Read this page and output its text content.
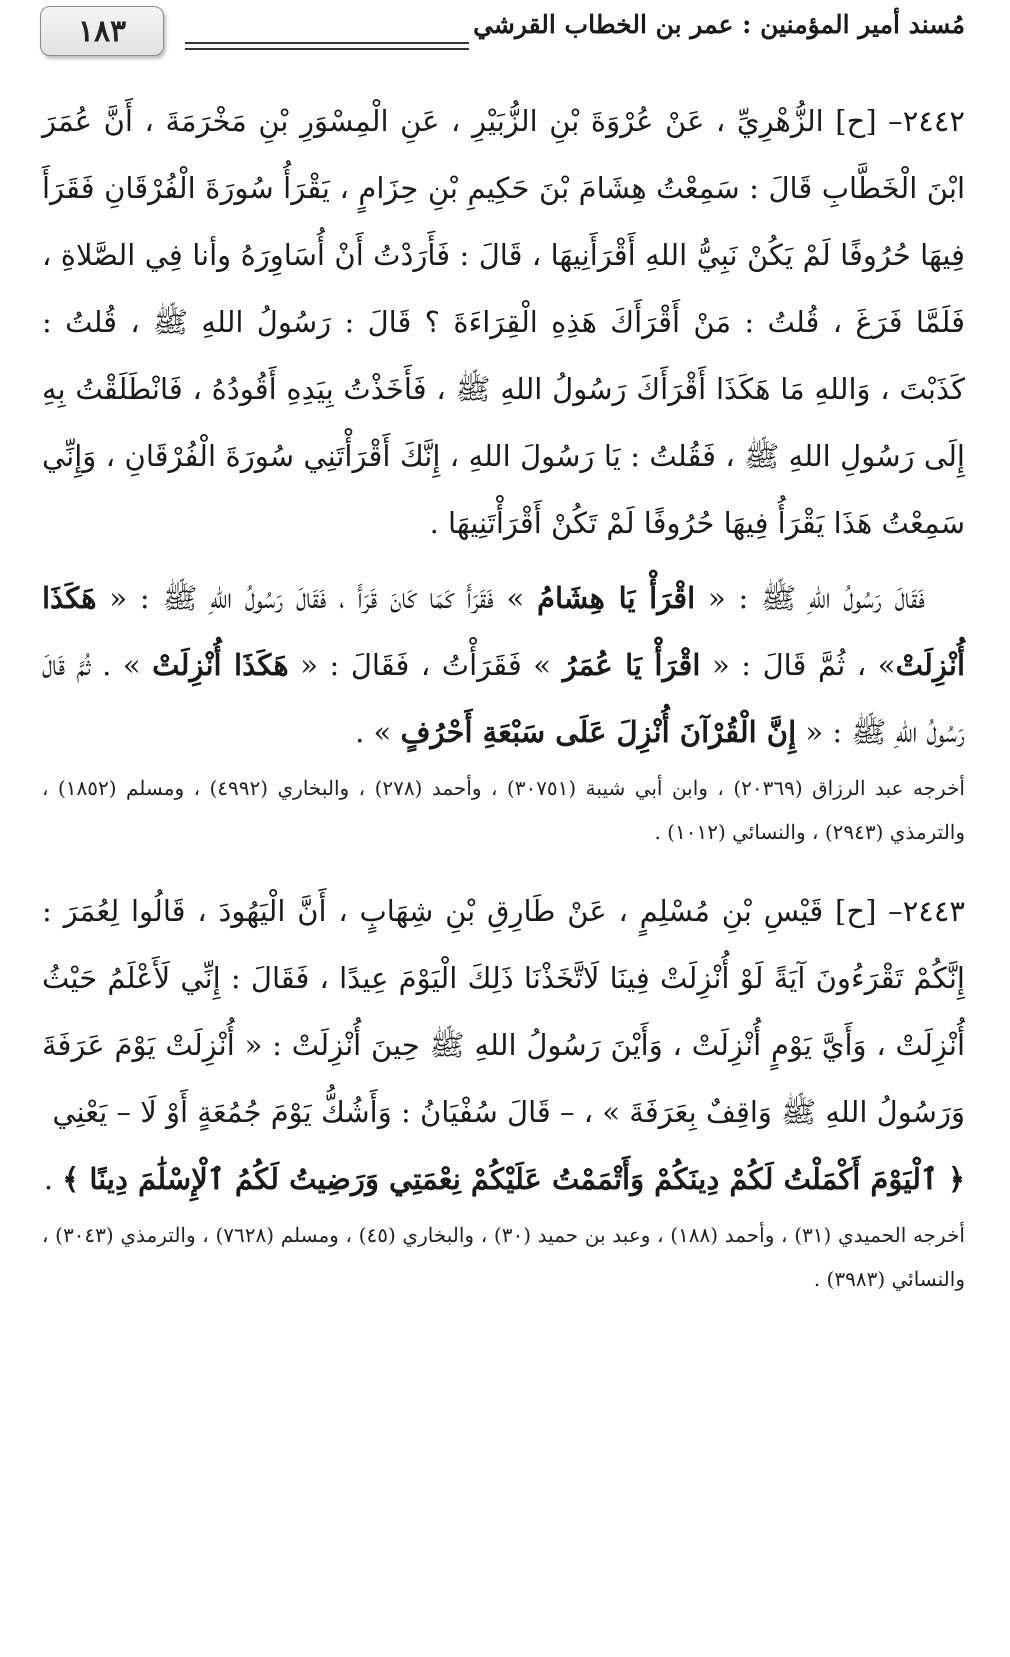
١٨٣	مُسند أمير المؤمنين : عمر بن الخطاب القرشي

٢٤٤٢– [ح] الزُّهْرِيِّ ، عَنْ عُرْوَةَ بْنِ الزُّبَيْرِ ، عَنِ الْمِسْوَرِ بْنِ مَخْرَمَةَ ، أَنَّ عُمَرَ ابْنَ الْخَطَّابِ قَالَ : سَمِعْتُ هِشَامَ بْنَ حَكِيمِ بْنِ حِزَامٍ ، يَقْرَأُ سُورَةَ الْفُرْقَانِ فَقَرَأَ فِيهَا حُرُوفًا لَمْ يَكُنْ نَبِيُّ اللهِ أَقْرَأَنِيهَا ، قَالَ : فَأَرَدْتُ أَنْ أُسَاوِرَهُ وأنا فِي الصَّلاةِ ، فَلَمَّا فَرَغَ ، قُلتُ : مَنْ أَقْرَأَكَ هَذِهِ الْقِرَاءَةَ ؟ قَالَ : رَسُولُ اللهِ ﷺ ، قُلتُ : كَذَبْتَ ، وَاللهِ مَا هَكَذَا أَقْرَأَكَ رَسُولُ اللهِ ﷺ ، فَأَخَذْتُ بِيَدِهِ أَقُودُهُ ، فَانْطَلَقْتُ بِهِ إِلَى رَسُولِ اللهِ ﷺ ، فَقُلتُ : يَا رَسُولَ اللهِ ، إِنَّكَ أَقْرَأْتَنِي سُورَةَ الْفُرْقَانِ ، وَإِنِّي سَمِعْتُ هَذَا يَقْرَأُ فِيهَا حُرُوفًا لَمْ تَكُنْ أَقْرَأْتَنِيهَا .

فَقَالَ رَسُولُ اللهِ ﷺ : « اقْرَأْ يَا هِشَامُ » فَقَرَأَ كَمَا كَانَ قَرَأَ ، فَقَالَ رَسُولُ اللهِ ﷺ : « هَكَذَا أُنْزِلَتْ» ، ثُمَّ قَالَ : « اقْرَأْ يَا عُمَرُ » فَقَرَأْتُ ، فَقَالَ : « هَكَذَا أُنْزِلَتْ » . ثُمَّ قَالَ رَسُولُ اللهِ ﷺ : « إِنَّ الْقُرْآنَ أُنْزِلَ عَلَى سَبْعَةِ أَحْرُفٍ » .

أخرجه عبد الرزاق (٢٠٣٦٩) ، وابن أبي شيبة (٣٠٧٥١) ، وأحمد (٢٧٨) ، والبخاري (٤٩٩٢) ، ومسلم (١٨٥٢) ، والترمذي (٢٩٤٣) ، والنسائي (١٠١٢) .

٢٤٤٣– [ح] قَيْسِ بْنِ مُسْلِمٍ ، عَنْ طَارِقِ بْنِ شِهَابٍ ، أَنَّ الْيَهُودَ ، قَالُوا لِعُمَرَ : إِنَّكُمْ تَقْرَءُونَ آيَةً لَوْ أُنْزِلَتْ فِينَا لَاتَّخَذْنَا ذَلِكَ الْيَوْمَ عِيدًا ، فَقَالَ : إِنِّي لَأَعْلَمُ حَيْثُ أُنْزِلَتْ ، وَأَيَّ يَوْمٍ أُنْزِلَتْ ، وَأَيْنَ رَسُولُ اللهِ ﷺ حِينَ أُنْزِلَتْ : « أُنْزِلَتْ يَوْمَ عَرَفَةَ وَرَسُولُ اللهِ ﷺ وَاقِفٌ بِعَرَفَةَ » ، – قَالَ سُفْيَانُ : وَأَشُكُّ يَوْمَ جُمُعَةٍ أَوْ لَا – يَعْنِي

﴿ ٱلْيَوْمَ أَكْمَلْتُ لَكُمْ دِينَكُمْ وَأَتْمَمْتُ عَلَيْكُمْ نِعْمَتِي وَرَضِيتُ لَكُمُ ٱلْإِسْلَٰمَ دِينًا ﴾ .

أخرجه الحميدي (٣١) ، وأحمد (١٨٨) ، وعبد بن حميد (٣٠) ، والبخاري (٤٥) ، ومسلم (٧٦٢٨) ، والترمذي (٣٠٤٣) ، والنسائي (٣٩٨٣) .
